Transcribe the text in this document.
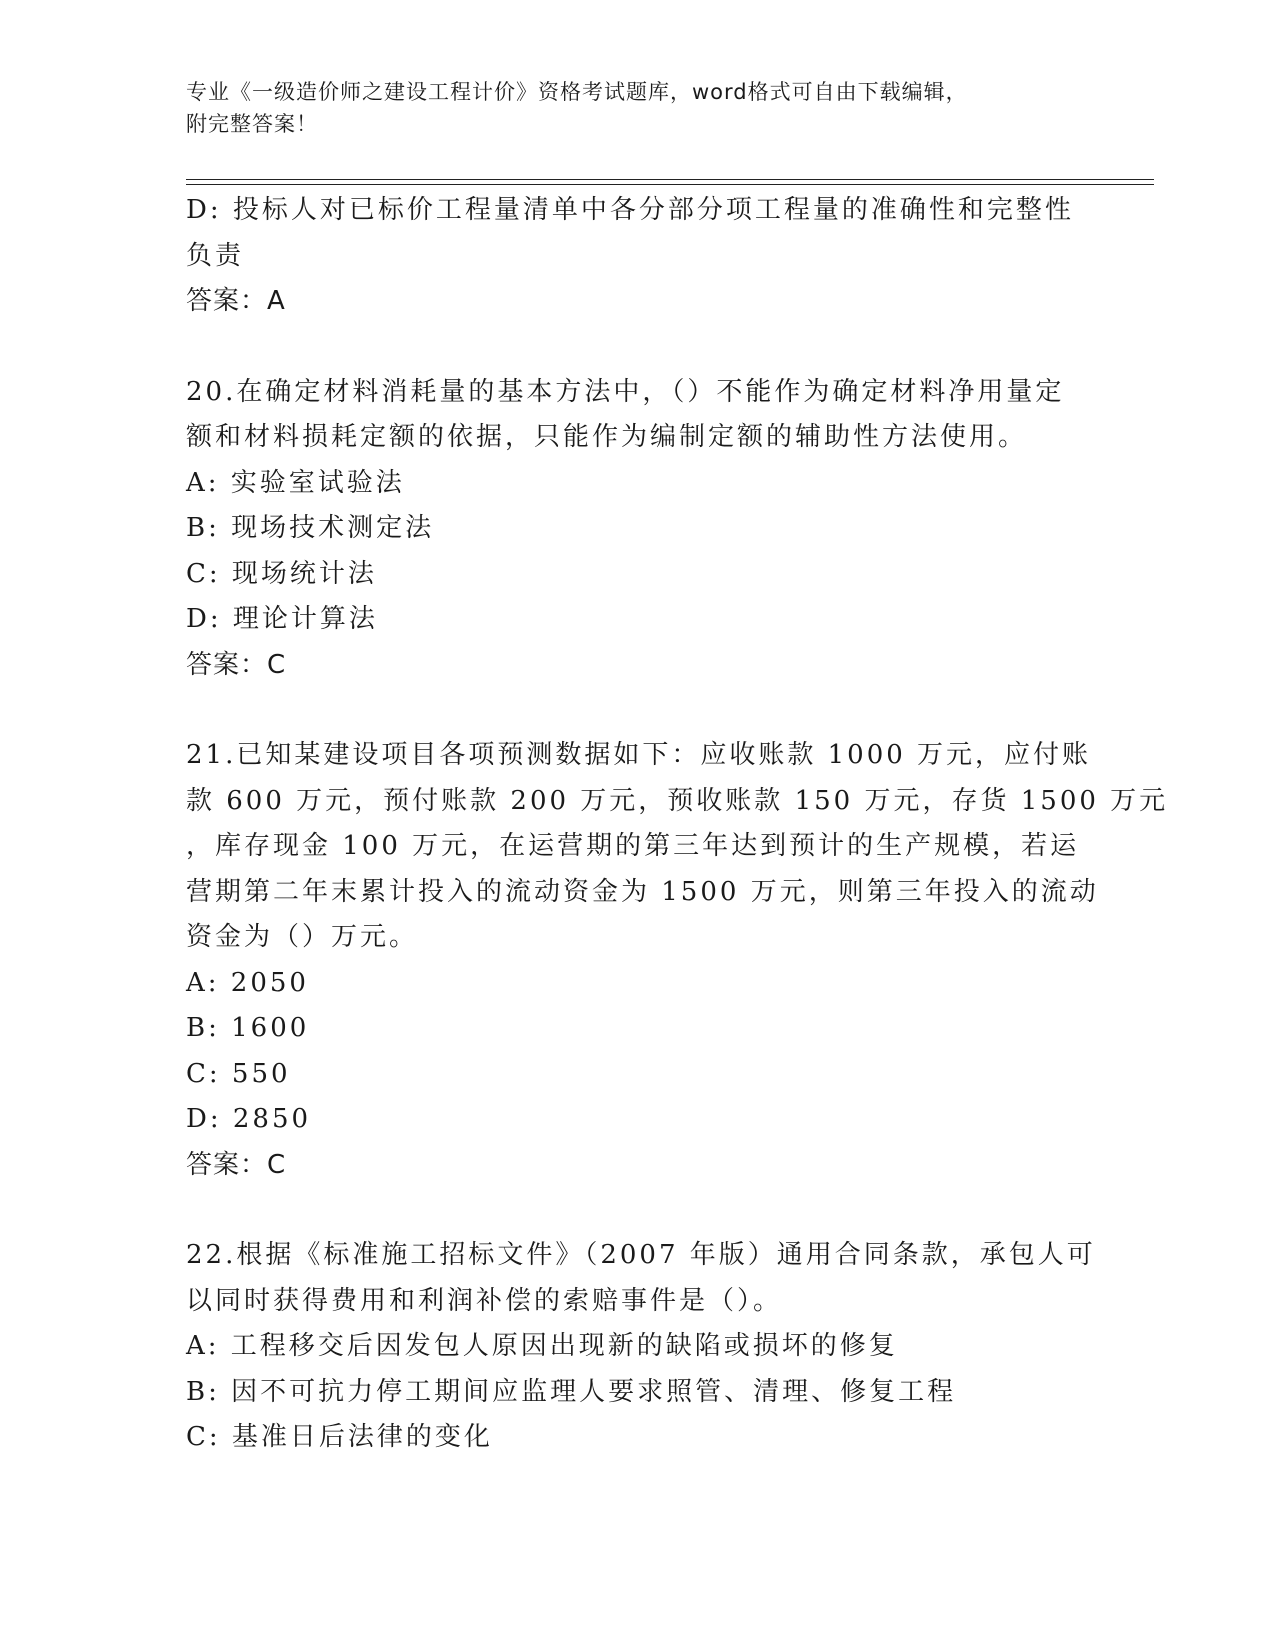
专业《一级造价师之建设工程计价》资格考试题库，word格式可自由下载编辑，
附完整答案！
D: 投标人对已标价工程量清单中各分部分项工程量的准确性和完整性
负责
答案：A
20.在确定材料消耗量的基本方法中，（）不能作为确定材料净用量定
额和材料损耗定额的依据，只能作为编制定额的辅助性方法使用。
A: 实验室试验法
B: 现场技术测定法
C: 现场统计法
D: 理论计算法
答案：C
21.已知某建设项目各项预测数据如下：应收账款 1000 万元，应付账
款 600 万元，预付账款 200 万元，预收账款 150 万元，存货 1500 万元
，库存现金 100 万元，在运营期的第三年达到预计的生产规模，若运
营期第二年末累计投入的流动资金为 1500 万元，则第三年投入的流动
资金为（）万元。
A: 2050
B: 1600
C: 550
D: 2850
答案：C
22.根据《标准施工招标文件》（2007 年版）通用合同条款，承包人可
以同时获得费用和利润补偿的索赔事件是（）。
A: 工程移交后因发包人原因出现新的缺陷或损坏的修复
B: 因不可抗力停工期间应监理人要求照管、清理、修复工程
C: 基准日后法律的变化
